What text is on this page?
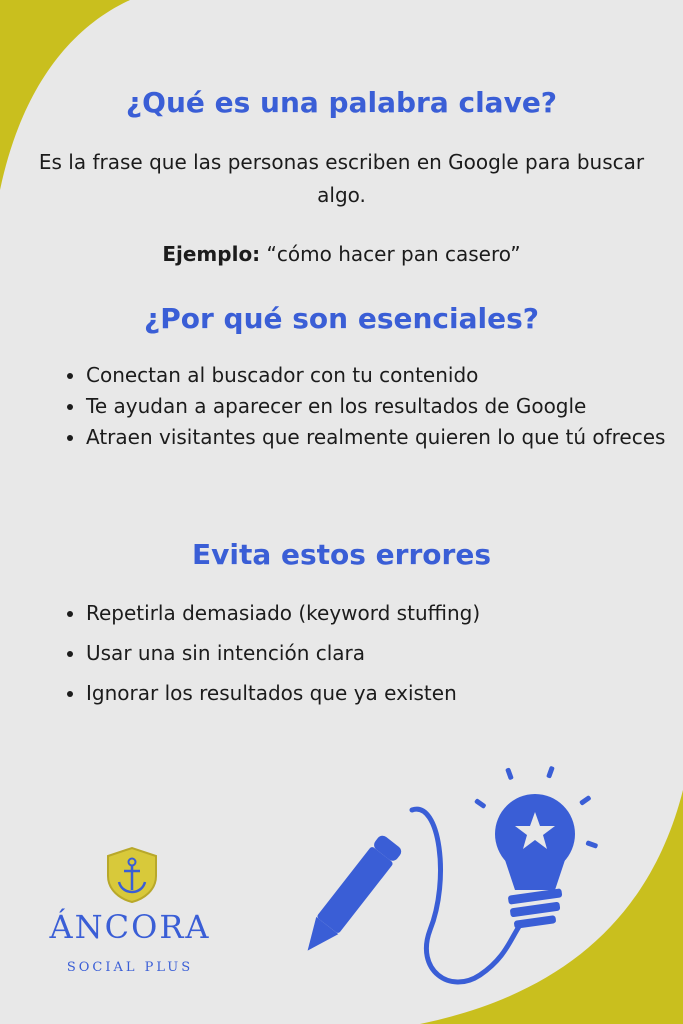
¿Qué es una palabra clave?

Es la frase que las personas escriben en Google para buscar algo.

Ejemplo: “cómo hacer pan casero”

¿Por qué son esenciales?
• Conectan al buscador con tu contenido
• Te ayudan a aparecer en los resultados de Google
• Atraen visitantes que realmente quieren lo que tú ofreces
Evita estos errores
• Repetirla demasiado (keyword stuffing)
• Usar una sin intención clara
• Ignorar los resultados que ya existen

ÁNCORA

SOCIAL PLUS
